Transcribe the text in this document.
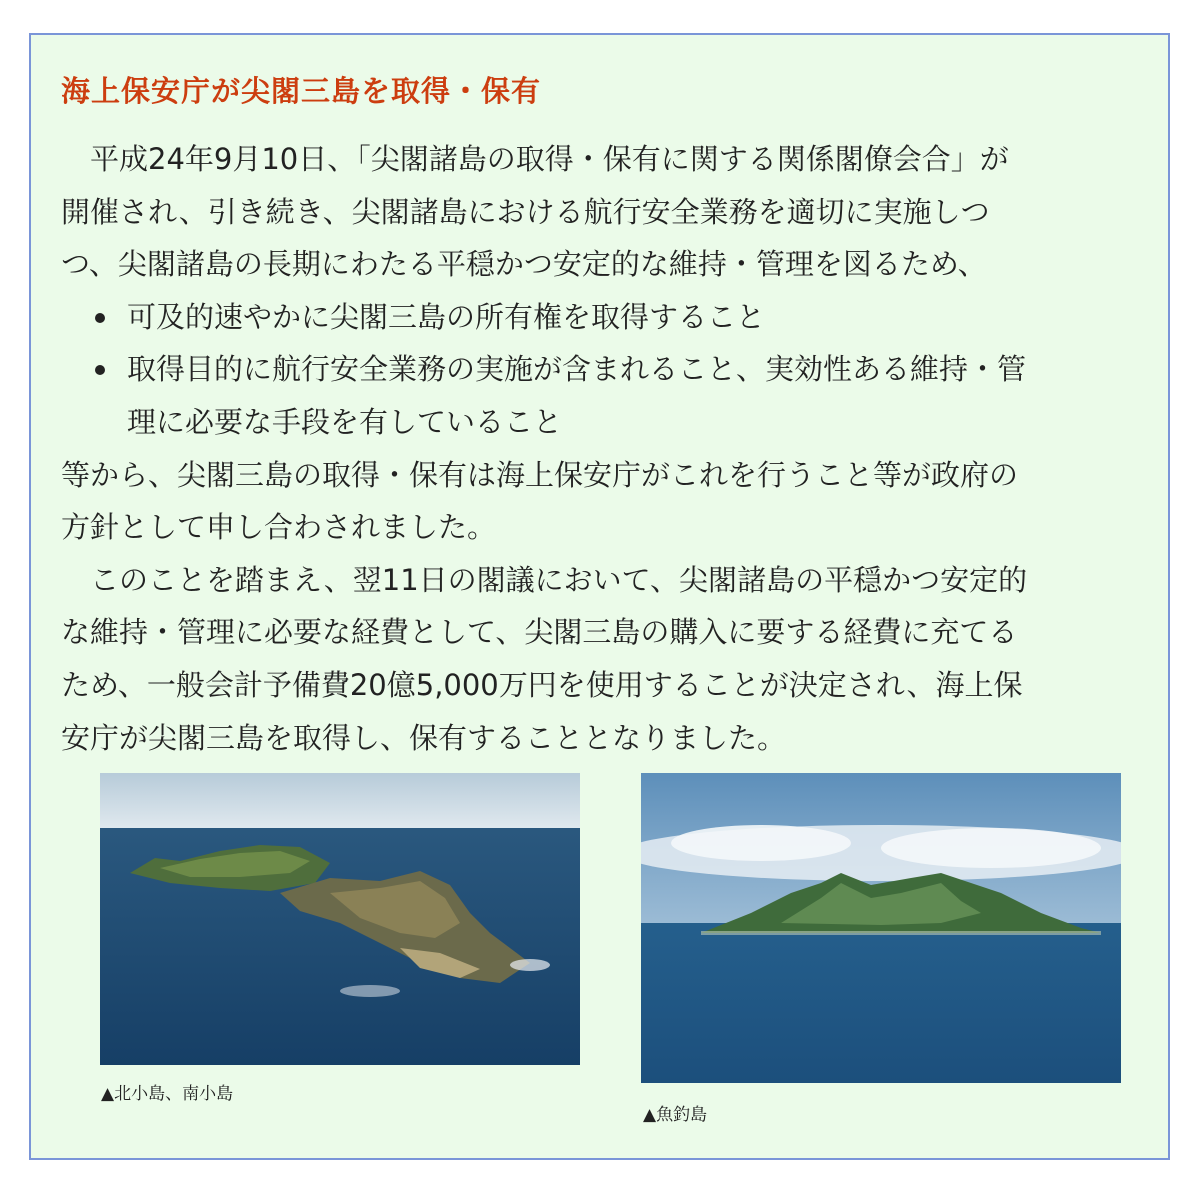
海上保安庁が尖閣三島を取得・保有
　平成24年9月10日、「尖閣諸島の取得・保有に関する関係閣僚会合」が
開催され、引き続き、尖閣諸島における航行安全業務を適切に実施しつ
つ、尖閣諸島の長期にわたる平穏かつ安定的な維持・管理を図るため、
可及的速やかに尖閣三島の所有権を取得すること
取得目的に航行安全業務の実施が含まれること、実効性ある維持・管
理に必要な手段を有していること
等から、尖閣三島の取得・保有は海上保安庁がこれを行うこと等が政府の
方針として申し合わされました。
　このことを踏まえ、翌11日の閣議において、尖閣諸島の平穏かつ安定的
な維持・管理に必要な経費として、尖閣三島の購入に要する経費に充てる
ため、一般会計予備費20億5,000万円を使用することが決定され、海上保
安庁が尖閣三島を取得し、保有することとなりました。
▲北小島、南小島
▲魚釣島
